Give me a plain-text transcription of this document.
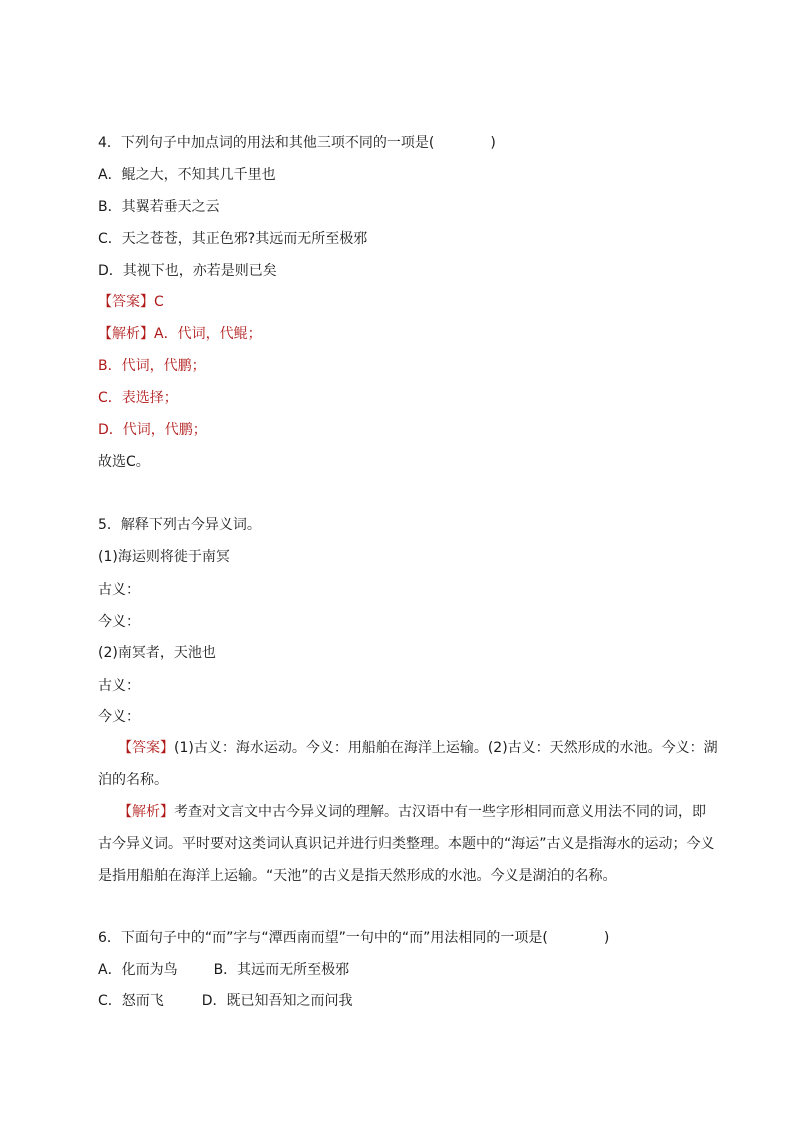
4．下列句子中加点词的用法和其他三项不同的一项是(　　　　)
A．鲲之大，不知其几千里也
B．其翼若垂天之云
C．天之苍苍，其正色邪?其远而无所至极邪
D．其视下也，亦若是则已矣
【答案】C
【解析】A．代词，代鲲；
B．代词，代鹏；
C．表选择；
D．代词，代鹏；
故选C。
5．解释下列古今异义词。
(1)海运则将徙于南冥
古义：
今义：
(2)南冥者，天池也
古义：
今义：
【答案】(1)古义：海水运动。今义：用船舶在海洋上运输。(2)古义：天然形成的水池。今义：湖泊的名称。
【解析】考查对文言文中古今异义词的理解。古汉语中有一些字形相同而意义用法不同的词，即古今异义词。平时要对这类词认真识记并进行归类整理。本题中的“海运”古义是指海水的运动；今义是指用船舶在海洋上运输。“天池”的古义是指天然形成的水池。今义是湖泊的名称。
6．下面句子中的“而”字与“潭西南而望”一句中的“而”用法相同的一项是(　　　　)
A．化而为鸟	B．其远而无所至极邪
C．怒而飞	D．既已知吾知之而问我
